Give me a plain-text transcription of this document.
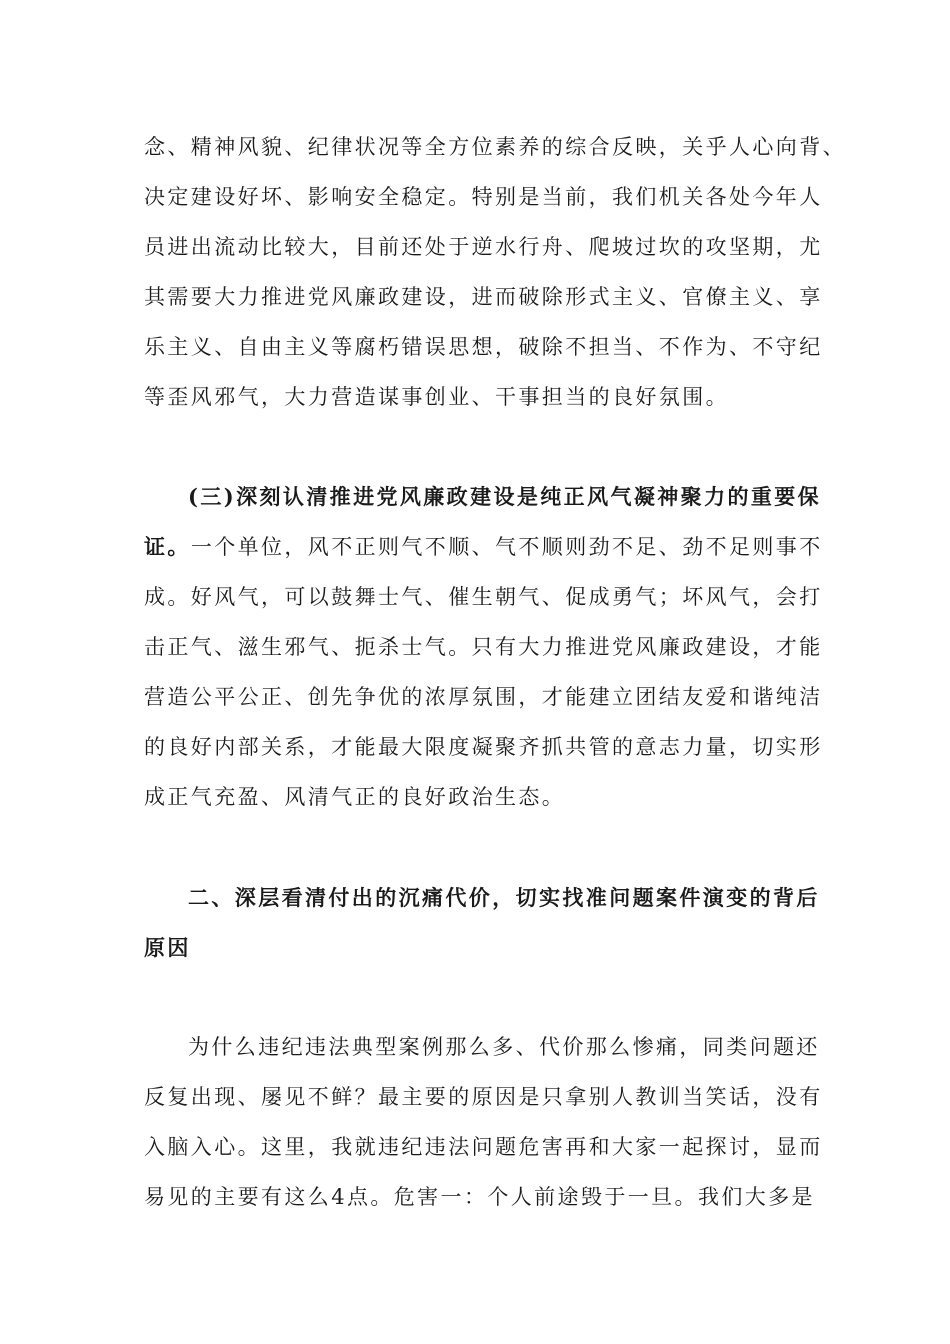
念、精神风貌、纪律状况等全方位素养的综合反映，关乎人心向背、
决定建设好坏、影响安全稳定。特别是当前，我们机关各处今年人
员进出流动比较大，目前还处于逆水行舟、爬坡过坎的攻坚期，尤
其需要大力推进党风廉政建设，进而破除形式主义、官僚主义、享
乐主义、自由主义等腐朽错误思想，破除不担当、不作为、不守纪
等歪风邪气，大力营造谋事创业、干事担当的良好氛围。
(三)深刻认清推进党风廉政建设是纯正风气凝神聚力的重要保
证。一个单位，风不正则气不顺、气不顺则劲不足、劲不足则事不
成。好风气，可以鼓舞士气、催生朝气、促成勇气；坏风气，会打
击正气、滋生邪气、扼杀士气。只有大力推进党风廉政建设，才能
营造公平公正、创先争优的浓厚氛围，才能建立团结友爱和谐纯洁
的良好内部关系，才能最大限度凝聚齐抓共管的意志力量，切实形
成正气充盈、风清气正的良好政治生态。
二、深层看清付出的沉痛代价，切实找准问题案件演变的背后
原因
为什么违纪违法典型案例那么多、代价那么惨痛，同类问题还
反复出现、屡见不鲜？最主要的原因是只拿别人教训当笑话，没有
入脑入心。这里，我就违纪违法问题危害再和大家一起探讨，显而
易见的主要有这么4点。危害一：个人前途毁于一旦。我们大多是
